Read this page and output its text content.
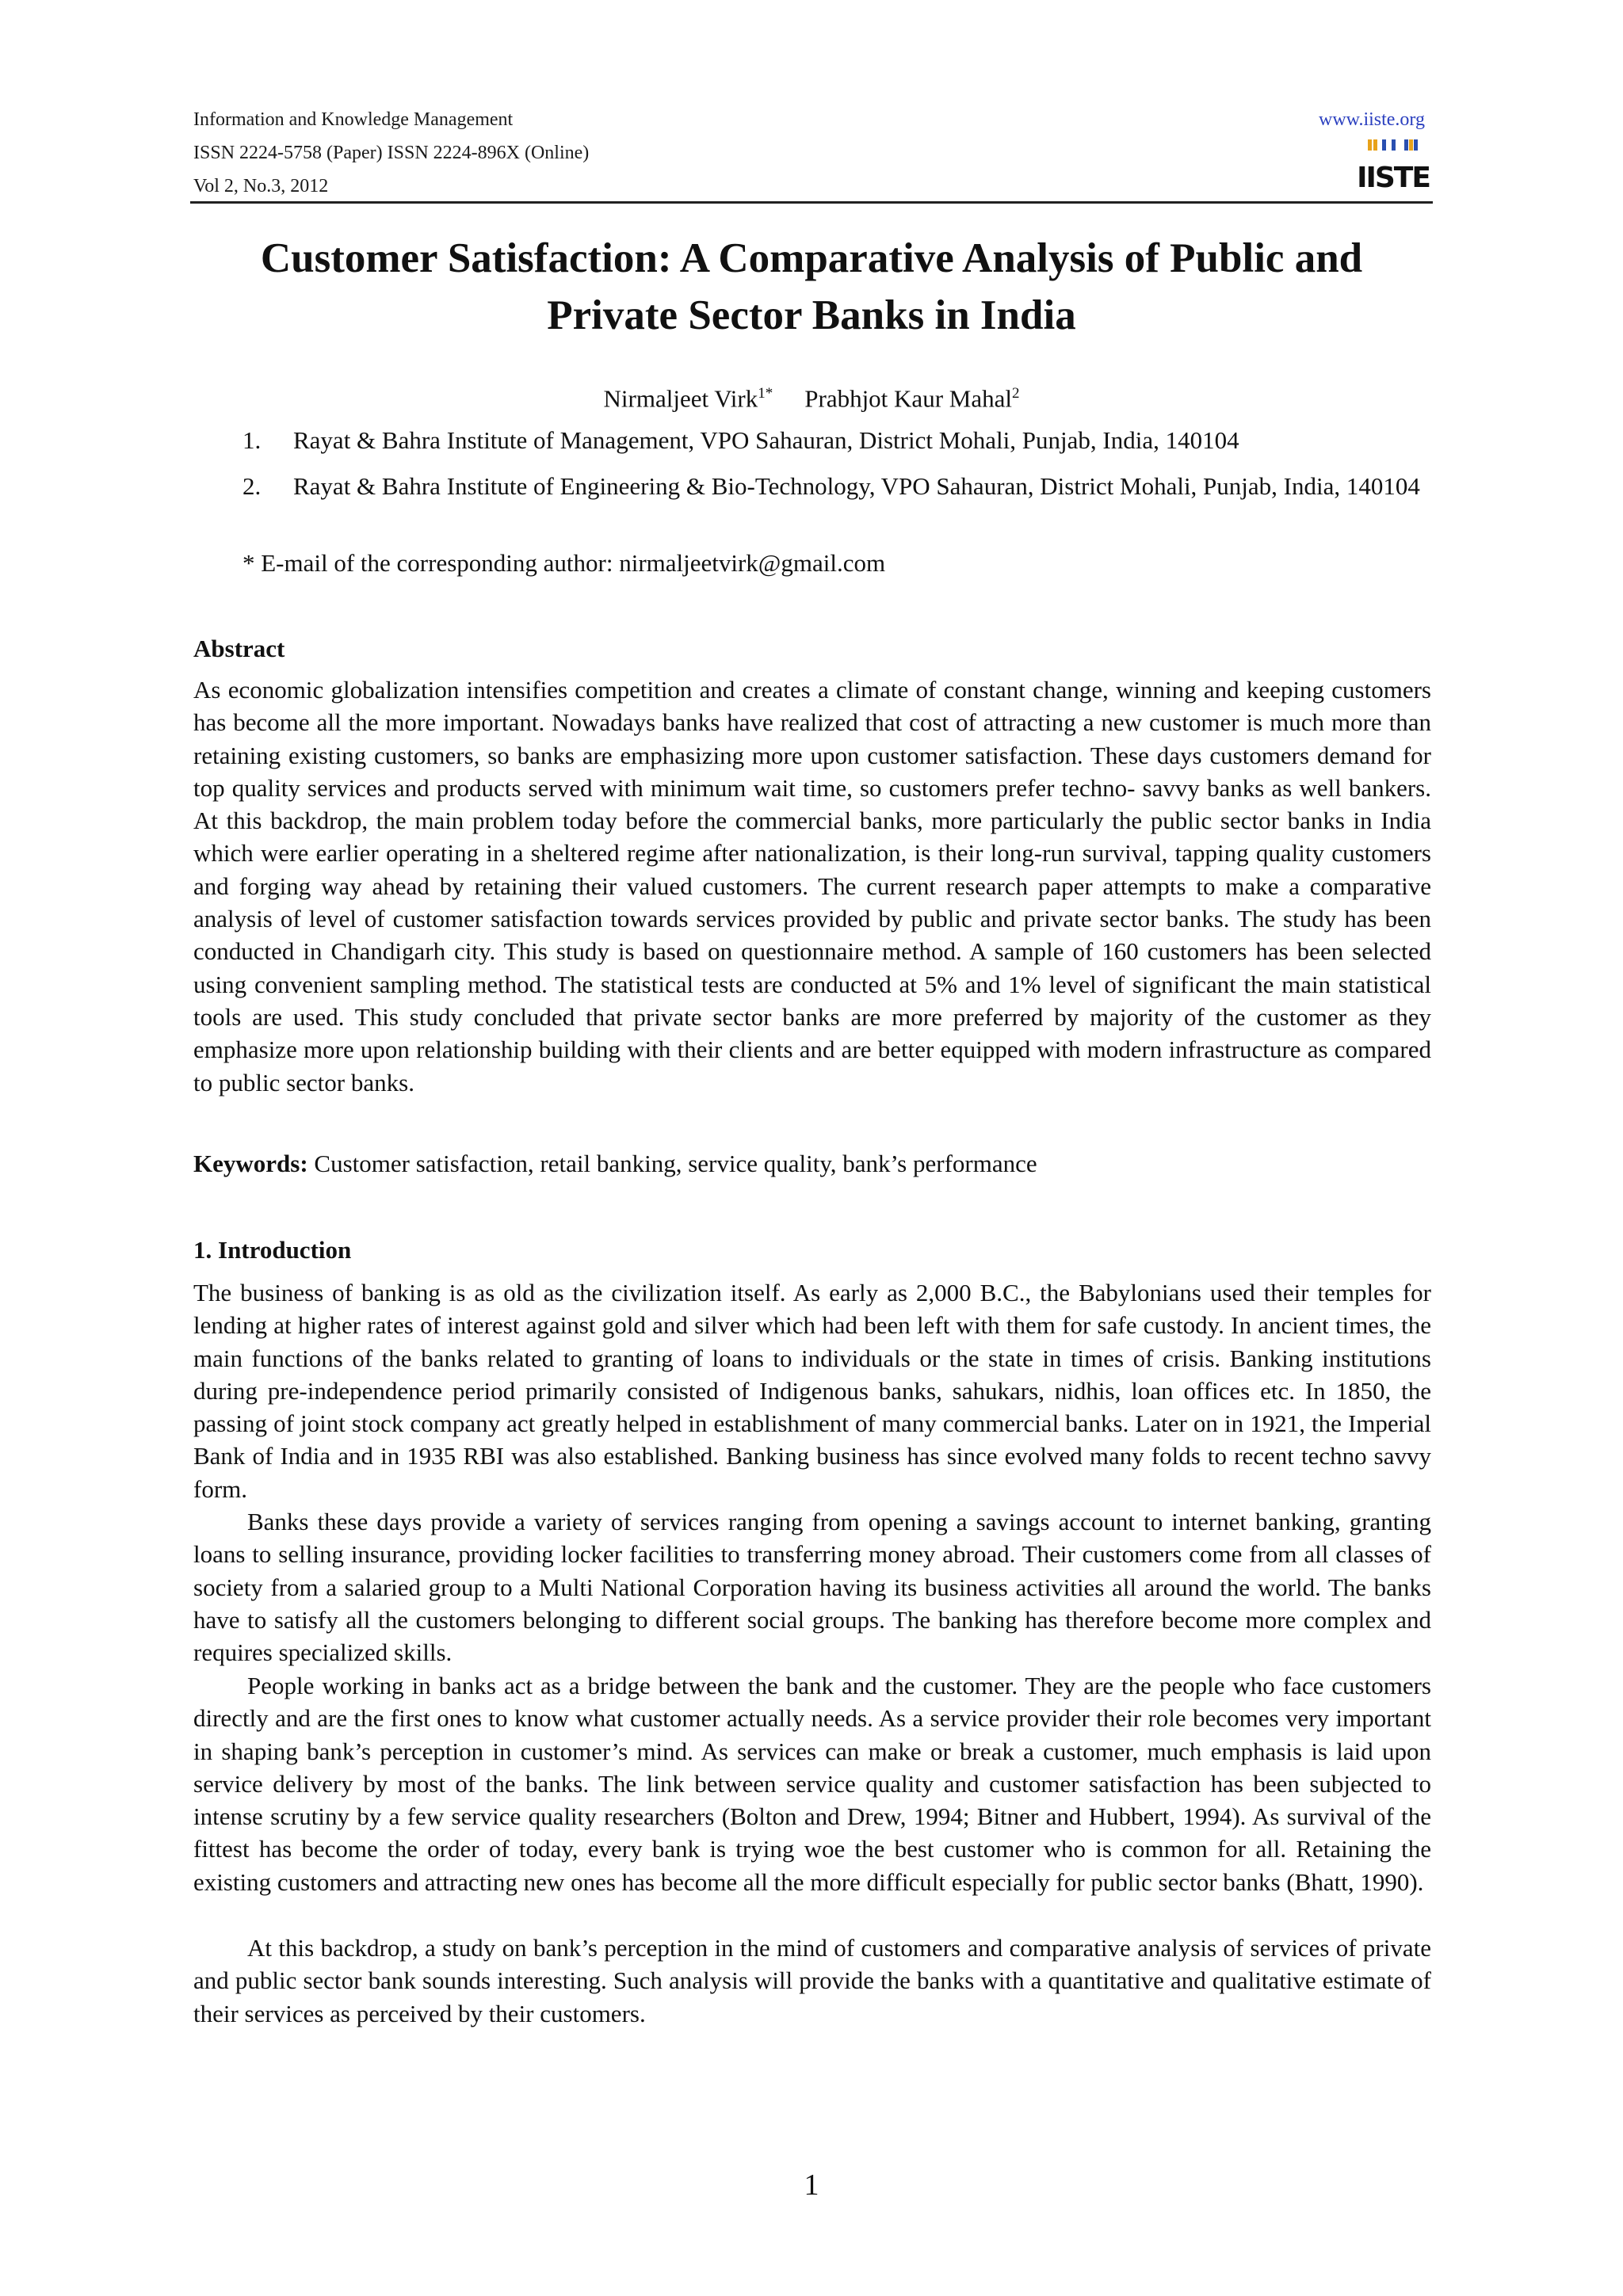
Information and Knowledge Management
ISSN 2224-5758 (Paper) ISSN 2224-896X (Online)
Vol 2, No.3, 2012
www.iiste.org
IISTE
Customer Satisfaction: A Comparative Analysis of Public and
Private Sector Banks in India
Nirmaljeet Virk$^{1*}$ Prabhjot Kaur Mahal$^2$
1. Rayat & Bahra Institute of Management, VPO Sahauran, District Mohali, Punjab, India, 140104
2. Rayat & Bahra Institute of Engineering & Bio-Technology, VPO Sahauran, District Mohali, Punjab, India, 140104
* E-mail of the corresponding author: nirmaljeetvirk@gmail.com
Abstract
As economic globalization intensifies competition and creates a climate of constant change, winning and keeping customers has become all the more important. Nowadays banks have realized that cost of attracting a new customer is much more than retaining existing customers, so banks are emphasizing more upon customer satisfaction. These days customers demand for top quality services and products served with minimum wait time, so customers prefer techno- savvy banks as well bankers. At this backdrop, the main problem today before the commercial banks, more particularly the public sector banks in India which were earlier operating in a sheltered regime after nationalization, is their long-run survival, tapping quality customers and forging way ahead by retaining their valued customers. The current research paper attempts to make a comparative analysis of level of customer satisfaction towards services provided by public and private sector banks. The study has been conducted in Chandigarh city. This study is based on questionnaire method. A sample of 160 customers has been selected using convenient sampling method. The statistical tests are conducted at 5% and 1% level of significant the main statistical tools are used. This study concluded that private sector banks are more preferred by majority of the customer as they emphasize more upon relationship building with their clients and are better equipped with modern infrastructure as compared to public sector banks.
Keywords: Customer satisfaction, retail banking, service quality, bank’s performance
1. Introduction
The business of banking is as old as the civilization itself. As early as 2,000 B.C., the Babylonians used their temples for lending at higher rates of interest against gold and silver which had been left with them for safe custody. In ancient times, the main functions of the banks related to granting of loans to individuals or the state in times of crisis. Banking institutions during pre-independence period primarily consisted of Indigenous banks, sahukars, nidhis, loan offices etc. In 1850, the passing of joint stock company act greatly helped in establishment of many commercial banks. Later on in 1921, the Imperial Bank of India and in 1935 RBI was also established. Banking business has since evolved many folds to recent techno savvy form.
Banks these days provide a variety of services ranging from opening a savings account to internet banking, granting loans to selling insurance, providing locker facilities to transferring money abroad. Their customers come from all classes of society from a salaried group to a Multi National Corporation having its business activities all around the world. The banks have to satisfy all the customers belonging to different social groups. The banking has therefore become more complex and requires specialized skills.
People working in banks act as a bridge between the bank and the customer. They are the people who face customers directly and are the first ones to know what customer actually needs. As a service provider their role becomes very important in shaping bank’s perception in customer’s mind. As services can make or break a customer, much emphasis is laid upon service delivery by most of the banks. The link between service quality and customer satisfaction has been subjected to intense scrutiny by a few service quality researchers (Bolton and Drew, 1994; Bitner and Hubbert, 1994). As survival of the fittest has become the order of today, every bank is trying woe the best customer who is common for all. Retaining the existing customers and attracting new ones has become all the more difficult especially for public sector banks (Bhatt, 1990).
At this backdrop, a study on bank’s perception in the mind of customers and comparative analysis of services of private and public sector bank sounds interesting. Such analysis will provide the banks with a quantitative and qualitative estimate of their services as perceived by their customers.
1
